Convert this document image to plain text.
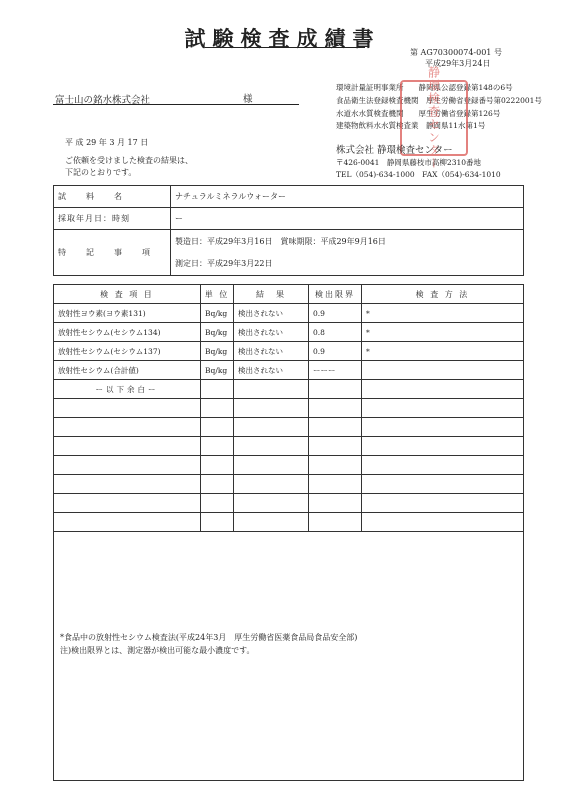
試験検査成績書
第 AG70300074-001 号
平成29年3月24日
環境計量証明事業所　　静岡県公認登録第148の6号
食品衛生法登録検査機関　厚生労働省登録番号第0222001号
水道水水質検査機関　　厚生労働省登録第126号
建築物飲料水水質検査業　静岡県11水第1号
静環検査センター
富士山の銘水株式会社	様
平 成 29 年 3 月 17 日
ご依頼を受けました検査の結果は、
下記のとおりです。
株式会社 静環検査センター
〒426-0041　静岡県藤枝市高柳2310番地
TEL（054)-634-1000　FAX（054)-634-1010
試　料　名	ナチュラルミネラルウォーター
採取年月日：時刻	ー
特　記　事　項	製造日：平成29年3月16日　賞味期限：平成29年9月16日
測定日：平成29年3月22日
検 査 項 目	単 位	結　果	検出限界	検 査 方 法
放射性ヨウ素(ヨウ素131)	Bq/kg	検出されない	0.9	*
放射性セシウム(セシウム134)	Bq/kg	検出されない	0.8	*
放射性セシウム(セシウム137)	Bq/kg	検出されない	0.9	*
放射性セシウム(合計値)	Bq/kg	検出されない	ーーー	
ー以下余白ー				

*食品中の放射性セシウム検査法(平成24年3月　厚生労働省医薬食品局食品安全部)
注)検出限界とは、測定器が検出可能な最小濃度です。
